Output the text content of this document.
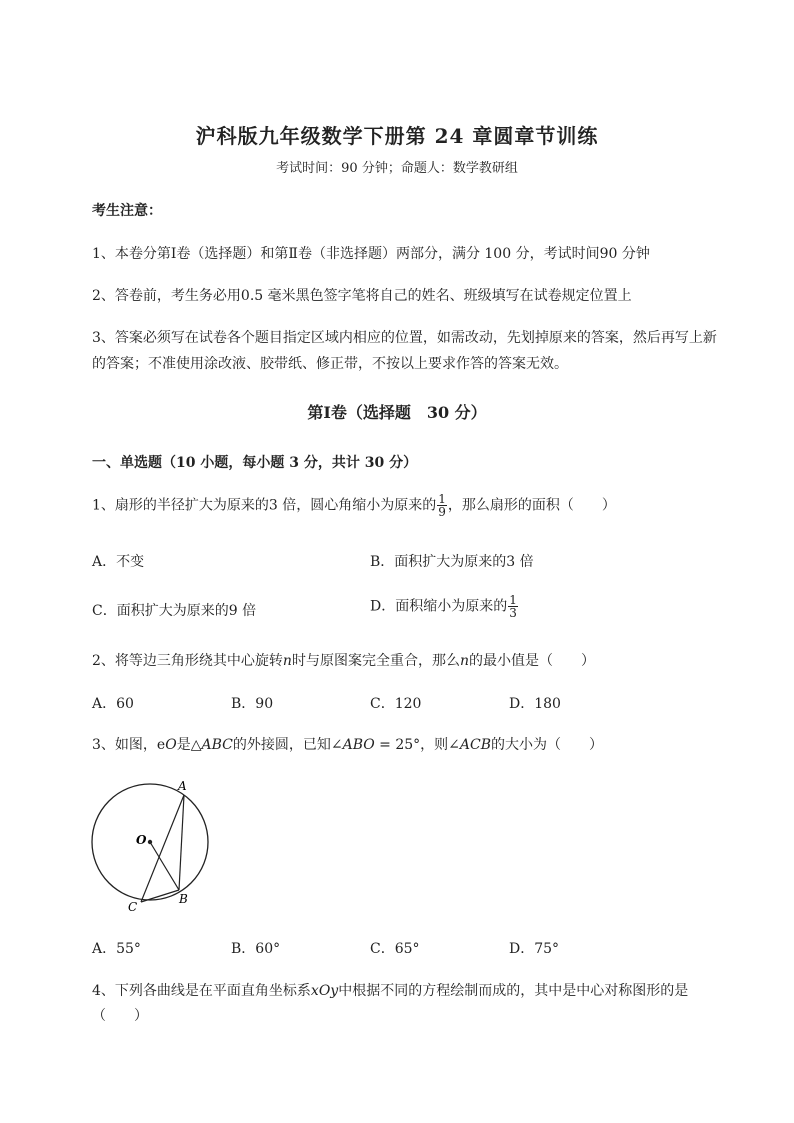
沪科版九年级数学下册第 24 章圆章节训练
考试时间：90 分钟；命题人：数学教研组
考生注意：
1、本卷分第Ⅰ卷（选择题）和第Ⅱ卷（非选择题）两部分，满分 100 分，考试时间90 分钟
2、答卷前，考生务必用0.5 毫米黑色签字笔将自己的姓名、班级填写在试卷规定位置上
3、答案必须写在试卷各个题目指定区域内相应的位置，如需改动，先划掉原来的答案，然后再写上新
的答案；不准使用涂改液、胶带纸、修正带，不按以上要求作答的答案无效。
第Ⅰ卷（选择题　30 分）
一、单选题（10 小题，每小题 3 分，共计 30 分）
1、扇形的半径扩大为原来的3 倍，圆心角缩小为原来的 $\frac{1}{9}$ ，那么扇形的面积（　　）
A．不变	B．面积扩大为原来的3 倍
C．面积扩大为原来的9 倍	D．面积缩小为原来的 $\frac{1}{3}$
2、将等边三角形绕其中心旋转n时与原图案完全重合，那么n的最小值是（　　）
A．60	B．90	C．120	D．180
3、如图，eO是△ABC的外接圆，已知∠ABO = 25°，则∠ACB的大小为（　　）
A
B
C
O
A．55°	B．60°	C．65°	D．75°
4、下列各曲线是在平面直角坐标系xOy中根据不同的方程绘制而成的，其中是中心对称图形的是
（　　）
